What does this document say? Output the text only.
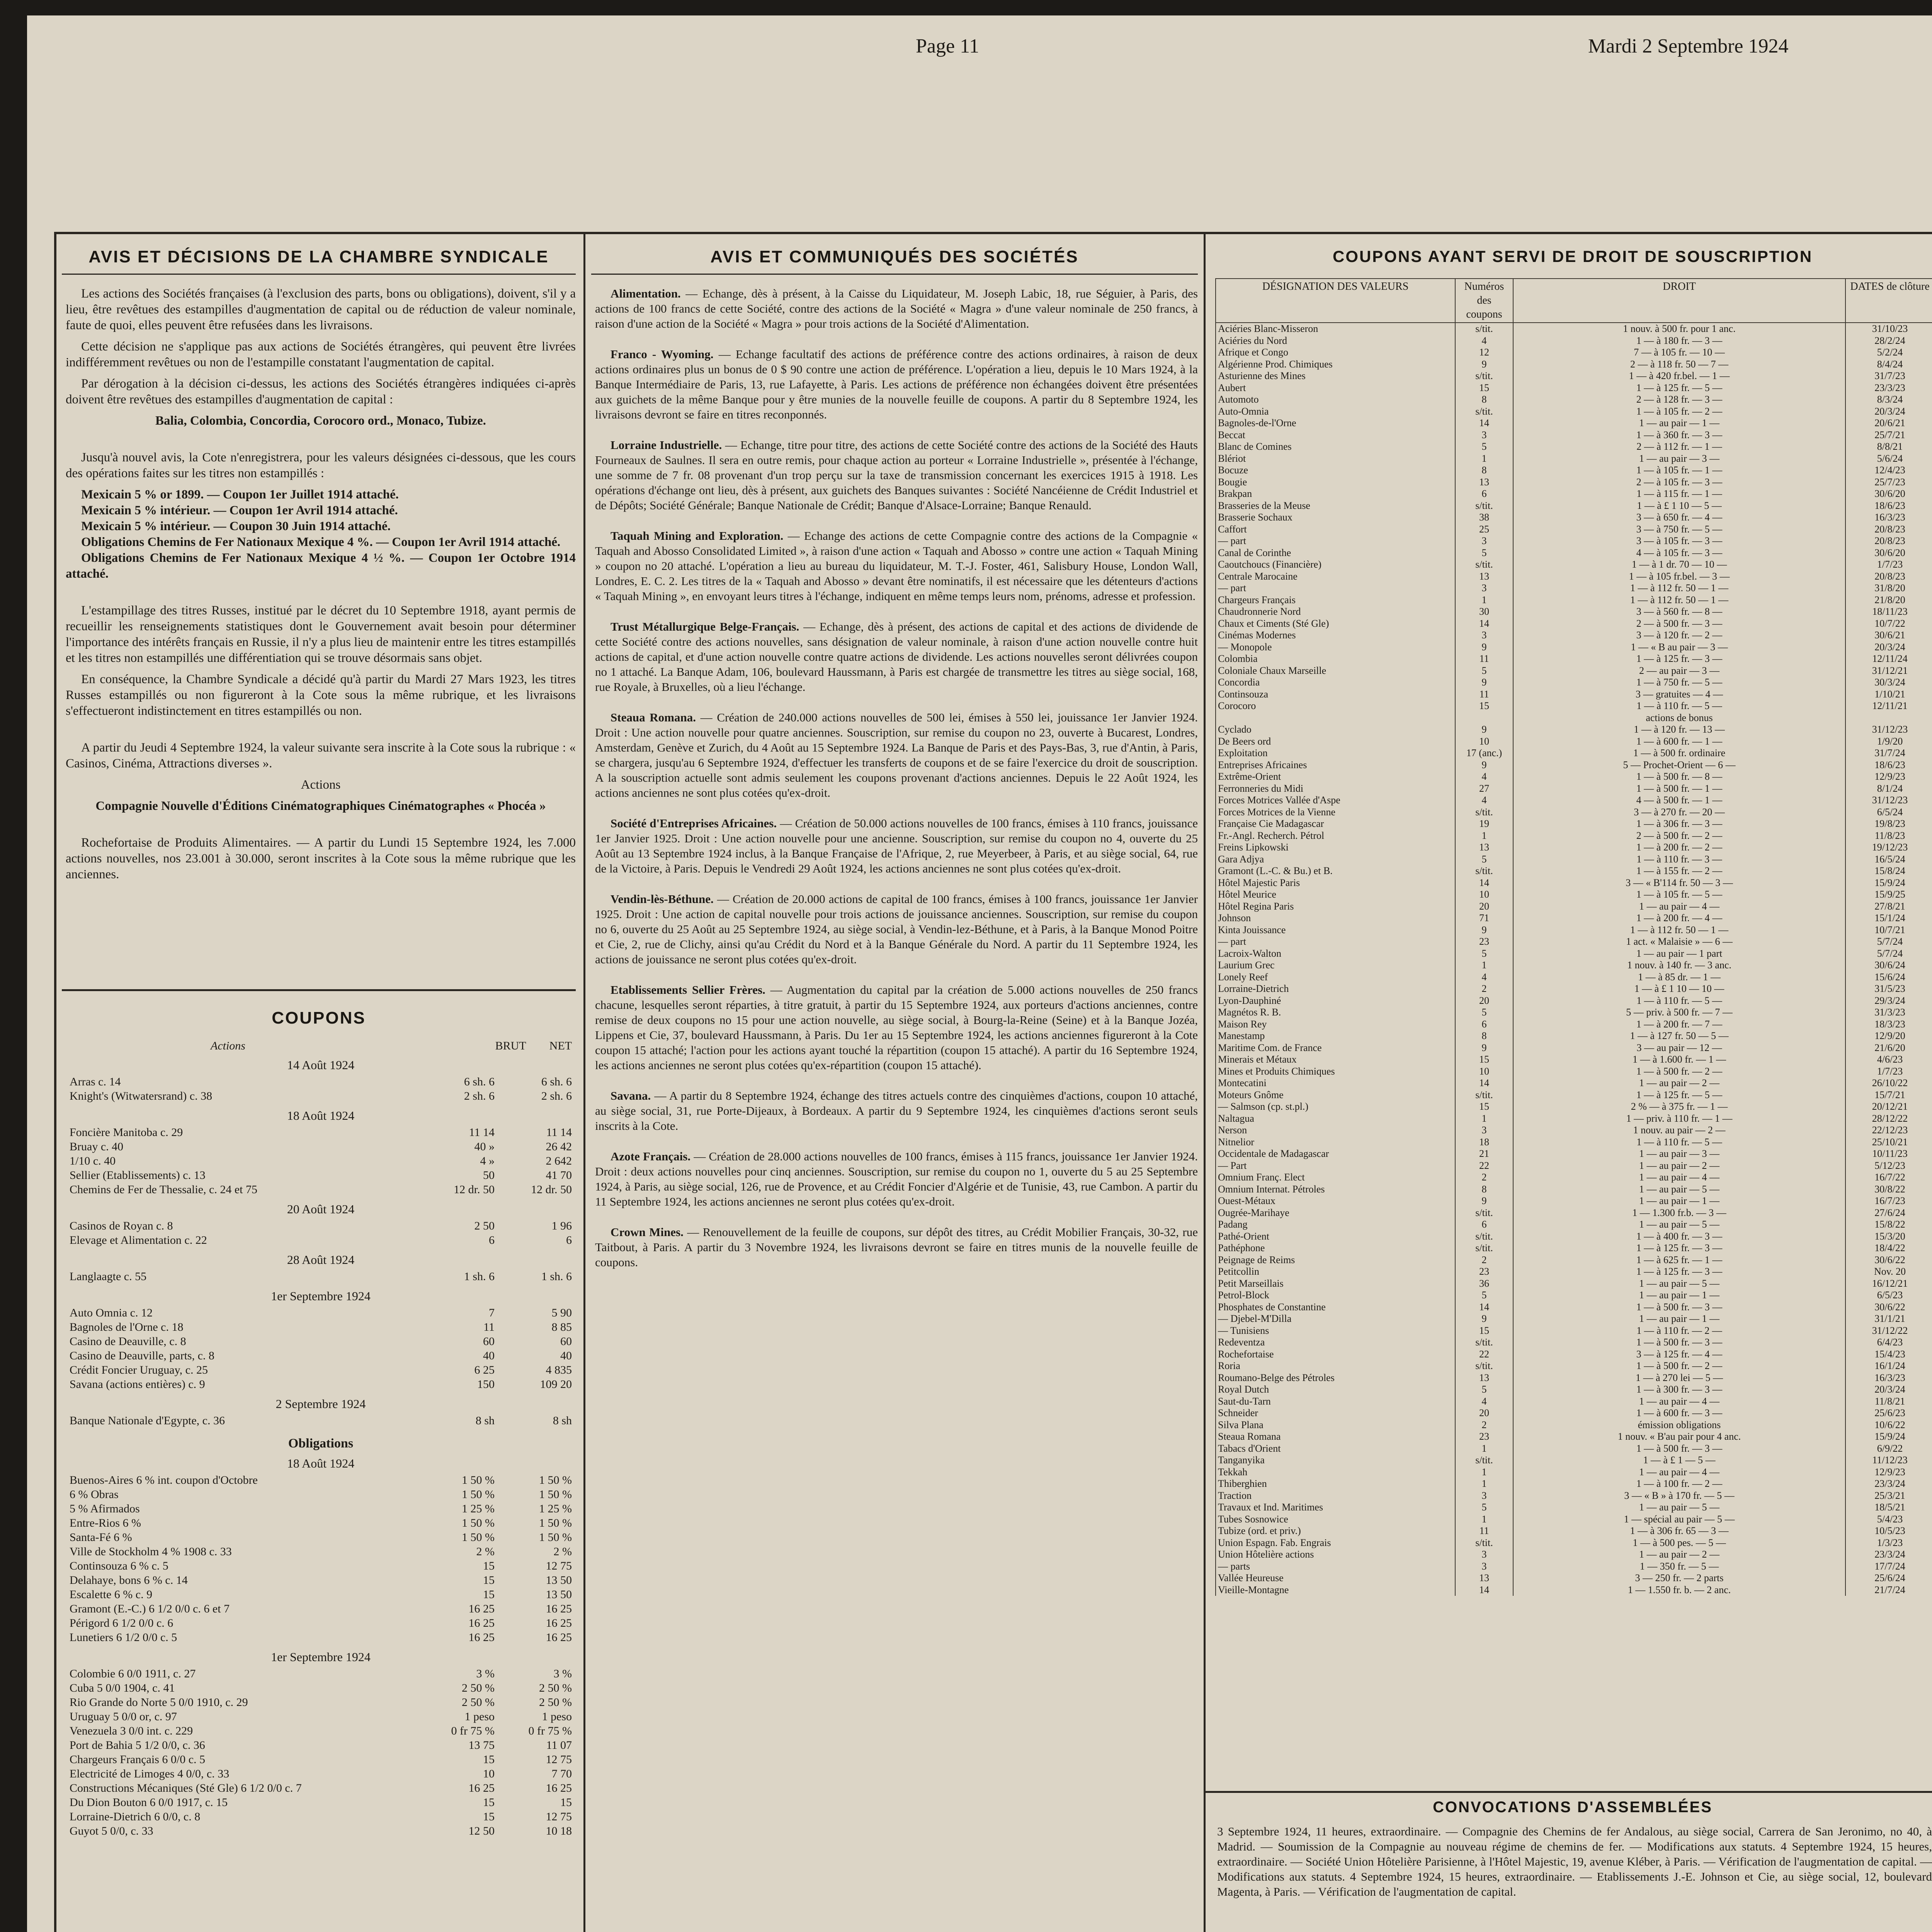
Page 11	Mardi 2 Septembre 1924
AVIS ET DÉCISIONS DE LA CHAMBRE SYNDICALE

Les actions des Sociétés françaises (à l'exclusion des parts, bons ou obligations), doivent, s'il y a lieu, être revêtues des estampilles d'augmentation de capital ou de réduction de valeur nominale, faute de quoi, elles peuvent être refusées dans les livraisons.

Cette décision ne s'applique pas aux actions de Sociétés étrangères, qui peuvent être livrées indifféremment revêtues ou non de l'estampille constatant l'augmentation de capital.

Par dérogation à la décision ci-dessus, les actions des Sociétés étrangères indiquées ci-après doivent être revêtues des estampilles d'augmentation de capital :

Balia, Colombia, Concordia, Corocoro ord., Monaco, Tubize.

Jusqu'à nouvel avis, la Cote n'enregistrera, pour les valeurs désignées ci-dessous, que les cours des opérations faites sur les titres non estampillés :

Mexicain 5 % or 1899. — Coupon 1er Juillet 1914 attaché.

Mexicain 5 % intérieur. — Coupon 1er Avril 1914 attaché.

Mexicain 5 % intérieur. — Coupon 30 Juin 1914 attaché.

Obligations Chemins de Fer Nationaux Mexique 4 %. — Coupon 1er Avril 1914 attaché.

Obligations Chemins de Fer Nationaux Mexique 4 ½ %. — Coupon 1er Octobre 1914 attaché.

L'estampillage des titres Russes, institué par le décret du 10 Septembre 1918, ayant permis de recueillir les renseignements statistiques dont le Gouvernement avait besoin pour déterminer l'importance des intérêts français en Russie, il n'y a plus lieu de maintenir entre les titres estampillés et les titres non estampillés une différentiation qui se trouve désormais sans objet.

En conséquence, la Chambre Syndicale a décidé qu'à partir du Mardi 27 Mars 1923, les titres Russes estampillés ou non figureront à la Cote sous la même rubrique, et les livraisons s'effectueront indistinctement en titres estampillés ou non.

A partir du Jeudi 4 Septembre 1924, la valeur suivante sera inscrite à la Cote sous la rubrique : « Casinos, Cinéma, Attractions diverses ».

Actions

Compagnie Nouvelle d'Éditions Cinématographiques Cinématographes « Phocéa »

Rochefortaise de Produits Alimentaires. — A partir du Lundi 15 Septembre 1924, les 7.000 actions nouvelles, nos 23.001 à 30.000, seront inscrites à la Cote sous la même rubrique que les anciennes.

COUPONS
Actions	BRUT NET
14 Août 1924
Arras c. 14	6 sh. 6	6 sh. 6
Knight's (Witwatersrand) c. 38	2 sh. 6	2 sh. 6
18 Août 1924
Foncière Manitoba c. 29	11 14	11 14
Bruay c. 40	40 »	26 42
1/10 c. 40	4 »	2 642
Sellier (Etablissements) c. 13	50	41 70
Chemins de Fer de Thessalie, c. 24 et 75	12 dr. 50	12 dr. 50
20 Août 1924
Casinos de Royan c. 8	2 50	1 96
Elevage et Alimentation c. 22	6	6
28 Août 1924
Langlaagte c. 55	1 sh. 6	1 sh. 6
1er Septembre 1924
Auto Omnia c. 12	7	5 90
Bagnoles de l'Orne c. 18	11	8 85
Casino de Deauville, c. 8	60	60
Casino de Deauville, parts, c. 8	40	40
Crédit Foncier Uruguay, c. 25	6 25	4 835
Savana (actions entières) c. 9	150	109 20
2 Septembre 1924
Banque Nationale d'Egypte, c. 36	8 sh	8 sh
Obligations
18 Août 1924
Buenos-Aires 6 % int. coupon d'Octobre	1 50 %	1 50 %
6 % Obras	1 50 %	1 50 %
5 % Afirmados	1 25 %	1 25 %
Entre-Rios 6 %	1 50 %	1 50 %
Santa-Fé 6 %	1 50 %	1 50 %
Ville de Stockholm 4 % 1908 c. 33	2 %	2 %
Continsouza 6 % c. 5	15	12 75
Delahaye, bons 6 % c. 14	15	13 50
Escalette 6 % c. 9	15	13 50
Gramont (E.-C.) 6 1/2 0/0 c. 6 et 7	16 25	16 25
Périgord 6 1/2 0/0 c. 6	16 25	16 25
Lunetiers 6 1/2 0/0 c. 5	16 25	16 25
1er Septembre 1924
Colombie 6 0/0 1911, c. 27	3 %	3 %
Cuba 5 0/0 1904, c. 41	2 50 %	2 50 %
Rio Grande do Norte 5 0/0 1910, c. 29	2 50 %	2 50 %
Uruguay 5 0/0 or, c. 97	1 peso	1 peso
Venezuela 3 0/0 int. c. 229	0 fr 75 %	0 fr 75 %
Port de Bahia 5 1/2 0/0, c. 36	13 75	11 07
Chargeurs Français 6 0/0 c. 5	15	12 75
Electricité de Limoges 4 0/0, c. 33	10	7 70
Constructions Mécaniques (Sté Gle) 6 1/2 0/0 c. 7	16 25	16 25
Du Dion Bouton 6 0/0 1917, c. 15	15	15
Lorraine-Dietrich 6 0/0, c. 8	15	12 75
Guyot 5 0/0, c. 33	12 50	10 18
AVIS ET COMMUNIQUÉS DES SOCIÉTÉS

Alimentation. — Echange, dès à présent, à la Caisse du Liquidateur, M. Joseph Labic, 18, rue Séguier, à Paris, des actions de 100 francs de cette Société, contre des actions de la Société « Magra » d'une valeur nominale de 250 francs, à raison d'une action de la Société « Magra » pour trois actions de la Société d'Alimentation.

Franco - Wyoming. — Echange facultatif des actions de préférence contre des actions ordinaires, à raison de deux actions ordinaires plus un bonus de 0 $ 90 contre une action de préférence. L'opération a lieu, depuis le 10 Mars 1924, à la Banque Intermédiaire de Paris, 13, rue Lafayette, à Paris. Les actions de préférence non échangées doivent être présentées aux guichets de la même Banque pour y être munies de la nouvelle feuille de coupons. A partir du 8 Septembre 1924, les livraisons devront se faire en titres reconponnés.

Lorraine Industrielle. — Echange, titre pour titre, des actions de cette Société contre des actions de la Société des Hauts Fourneaux de Saulnes. Il sera en outre remis, pour chaque action au porteur « Lorraine Industrielle », présentée à l'échange, une somme de 7 fr. 08 provenant d'un trop perçu sur la taxe de transmission concernant les exercices 1915 à 1918. Les opérations d'échange ont lieu, dès à présent, aux guichets des Banques suivantes : Société Nancéienne de Crédit Industriel et de Dépôts; Société Générale; Banque Nationale de Crédit; Banque d'Alsace-Lorraine; Banque Renauld.

Taquah Mining and Exploration. — Echange des actions de cette Compagnie contre des actions de la Compagnie « Taquah and Abosso Consolidated Limited », à raison d'une action « Taquah and Abosso » contre une action « Taquah Mining » coupon no 20 attaché. L'opération a lieu au bureau du liquidateur, M. T.-J. Foster, 461, Salisbury House, London Wall, Londres, E. C. 2. Les titres de la « Taquah and Abosso » devant être nominatifs, il est nécessaire que les détenteurs d'actions « Taquah Mining », en envoyant leurs titres à l'échange, indiquent en même temps leurs nom, prénoms, adresse et profession.

Trust Métallurgique Belge-Français. — Echange, dès à présent, des actions de capital et des actions de dividende de cette Société contre des actions nouvelles, sans désignation de valeur nominale, à raison d'une action nouvelle contre huit actions de capital, et d'une action nouvelle contre quatre actions de dividende. Les actions nouvelles seront délivrées coupon no 1 attaché. La Banque Adam, 106, boulevard Haussmann, à Paris est chargée de transmettre les titres au siège social, 168, rue Royale, à Bruxelles, où a lieu l'échange.

Steaua Romana. — Création de 240.000 actions nouvelles de 500 lei, émises à 550 lei, jouissance 1er Janvier 1924. Droit : Une action nouvelle pour quatre anciennes. Souscription, sur remise du coupon no 23, ouverte à Bucarest, Londres, Amsterdam, Genève et Zurich, du 4 Août au 15 Septembre 1924. La Banque de Paris et des Pays-Bas, 3, rue d'Antin, à Paris, se chargera, jusqu'au 6 Septembre 1924, d'effectuer les transferts de coupons et de se faire l'exercice du droit de souscription. A la souscription actuelle sont admis seulement les coupons provenant d'actions anciennes. Depuis le 22 Août 1924, les actions anciennes ne sont plus cotées qu'ex-droit.

Société d'Entreprises Africaines. — Création de 50.000 actions nouvelles de 100 francs, émises à 110 francs, jouissance 1er Janvier 1925. Droit : Une action nouvelle pour une ancienne. Souscription, sur remise du coupon no 4, ouverte du 25 Août au 13 Septembre 1924 inclus, à la Banque Française de l'Afrique, 2, rue Meyerbeer, à Paris, et au siège social, 64, rue de la Victoire, à Paris. Depuis le Vendredi 29 Août 1924, les actions anciennes ne sont plus cotées qu'ex-droit.

Vendin-lès-Béthune. — Création de 20.000 actions de capital de 100 francs, émises à 100 francs, jouissance 1er Janvier 1925. Droit : Une action de capital nouvelle pour trois actions de jouissance anciennes. Souscription, sur remise du coupon no 6, ouverte du 25 Août au 25 Septembre 1924, au siège social, à Vendin-lez-Béthune, et à Paris, à la Banque Monod Poitre et Cie, 2, rue de Clichy, ainsi qu'au Crédit du Nord et à la Banque Générale du Nord. A partir du 11 Septembre 1924, les actions de jouissance ne seront plus cotées qu'ex-droit.

Etablissements Sellier Frères. — Augmentation du capital par la création de 5.000 actions nouvelles de 250 francs chacune, lesquelles seront réparties, à titre gratuit, à partir du 15 Septembre 1924, aux porteurs d'actions anciennes, contre remise de deux coupons no 15 pour une action nouvelle, au siège social, à Bourg-la-Reine (Seine) et à la Banque Jozéa, Lippens et Cie, 37, boulevard Haussmann, à Paris. Du 1er au 15 Septembre 1924, les actions anciennes figureront à la Cote coupon 15 attaché; l'action pour les actions ayant touché la répartition (coupon 15 attaché). A partir du 16 Septembre 1924, les actions anciennes ne seront plus cotées qu'ex-répartition (coupon 15 attaché).

Savana. — A partir du 8 Septembre 1924, échange des titres actuels contre des cinquièmes d'actions, coupon 10 attaché, au siège social, 31, rue Porte-Dijeaux, à Bordeaux. A partir du 9 Septembre 1924, les cinquièmes d'actions seront seuls inscrits à la Cote.

Azote Français. — Création de 28.000 actions nouvelles de 100 francs, émises à 115 francs, jouissance 1er Janvier 1924. Droit : deux actions nouvelles pour cinq anciennes. Souscription, sur remise du coupon no 1, ouverte du 5 au 25 Septembre 1924, à Paris, au siège social, 126, rue de Provence, et au Crédit Foncier d'Algérie et de Tunisie, 43, rue Cambon. A partir du 11 Septembre 1924, les actions anciennes ne seront plus cotées qu'ex-droit.

Crown Mines. — Renouvellement de la feuille de coupons, sur dépôt des titres, au Crédit Mobilier Français, 30-32, rue Taitbout, à Paris. A partir du 3 Novembre 1924, les livraisons devront se faire en titres munis de la nouvelle feuille de coupons.

COUPONS AYANT SERVI DE DROIT DE SOUSCRIPTION
DÉSIGNATION DES VALEURS	Numéros des coupons	DROIT	DATES de clôture
Aciéries Blanc-Misseron	s/tit.	1 nouv. à 500 fr. pour 1 anc.	31/10/23
Aciéries du Nord	4	1 — à 180 fr. — 3 —	28/2/24
Afrique et Congo	12	7 — à 105 fr. — 10 —	5/2/24
Algérienne Prod. Chimiques	9	2 — à 118 fr. 50 — 7 —	8/4/24
Asturienne des Mines	s/tit.	1 — à 420 fr.bel. — 1 —	31/7/23
Aubert	15	1 — à 125 fr. — 5 —	23/3/23
Automoto	8	2 — à 128 fr. — 3 —	8/3/24
Auto-Omnia	s/tit.	1 — à 105 fr. — 2 —	20/3/24
Bagnoles-de-l'Orne	14	1 — au pair — 1 —	20/6/21
Beccat	3	1 — à 360 fr. — 3 —	25/7/21
Blanc de Comines	5	2 — à 112 fr. — 1 —	8/8/21
Blériot	1	1 — au pair — 3 —	5/6/24
Bocuze	8	1 — à 105 fr. — 1 —	12/4/23
Bougie	13	2 — à 105 fr. — 3 —	25/7/23
Brakpan	6	1 — à 115 fr. — 1 —	30/6/20
Brasseries de la Meuse	s/tit.	1 — à £ 1 10 — 5 —	18/6/23
Brasserie Sochaux	38	3 — à 650 fr. — 4 —	16/3/23
Caffort	25	3 — à 750 fr. — 5 —	20/8/23
— part	3	3 — à 105 fr. — 3 —	20/8/23
Canal de Corinthe	5	4 — à 105 fr. — 3 —	30/6/20
Caoutchoucs (Financière)	s/tit.	1 — à 1 dr. 70 — 10 —	1/7/23
Centrale Marocaine	13	1 — à 105 fr.bel. — 3 —	20/8/23
— part	3	1 — à 112 fr. 50 — 1 —	31/8/20
Chargeurs Français	1	1 — à 112 fr. 50 — 1 —	21/8/20
Chaudronnerie Nord	30	3 — à 560 fr. — 8 —	18/11/23
Chaux et Ciments (Sté Gle)	14	2 — à 500 fr. — 3 —	10/7/22
Cinémas Modernes	3	3 — à 120 fr. — 2 —	30/6/21
— Monopole	9	1 — « B au pair — 3 —	20/3/24
Colombia	11	1 — à 125 fr. — 3 —	12/11/24
Coloniale Chaux Marseille	5	2 — au pair — 3 —	31/12/21
Concordia	9	1 — à 750 fr. — 5 —	30/3/24
Continsouza	11	3 — gratuites — 4 —	1/10/21
Corocoro	15	1 — à 110 fr. — 5 —	12/11/21
		actions de bonus	
Cyclado	9	1 — à 120 fr. — 13 —	31/12/23
De Beers ord	10	1 — à 600 fr. — 1 —	1/9/20
Exploitation	17 (anc.)	1 — à 500 fr. ordinaire	31/7/24
Entreprises Africaines	9	5 — Prochet-Orient — 6 —	18/6/23
Extrême-Orient	4	1 — à 500 fr. — 8 —	12/9/23
Ferronneries du Midi	27	1 — à 500 fr. — 1 —	8/1/24
Forces Motrices Vallée d'Aspe	4	4 — à 500 fr. — 1 —	31/12/23
Forces Motrices de la Vienne	s/tit.	3 — à 270 fr. — 20 —	6/5/24
Française Cie Madagascar	19	1 — à 306 fr. — 3 —	19/8/23
Fr.-Angl. Recherch. Pétrol	1	2 — à 500 fr. — 2 —	11/8/23
Freins Lipkowski	13	1 — à 200 fr. — 2 —	19/12/23
Gara Adjya	5	1 — à 110 fr. — 3 —	16/5/24
Gramont (L.-C. & Bu.) et B.	s/tit.	1 — à 155 fr. — 2 —	15/8/24
Hôtel Majestic Paris	14	3 — « B'114 fr. 50 — 3 —	15/9/24
Hôtel Meurice	10	1 — à 105 fr. — 5 —	15/9/25
Hôtel Regina Paris	20	1 — au pair — 4 —	27/8/21
Johnson	71	1 — à 200 fr. — 4 —	15/1/24
Kinta Jouissance	9	1 — à 112 fr. 50 — 1 —	10/7/21
— part	23	1 act. « Malaisie » — 6 —	5/7/24
Lacroix-Walton	5	1 — au pair — 1 part	5/7/24
Laurium Grec	1	1 nouv. à 140 fr. — 3 anc.	30/6/24
Lonely Reef	4	1 — à 85 dr. — 1 —	15/6/24
Lorraine-Dietrich	2	1 — à £ 1 10 — 10 —	31/5/23
Lyon-Dauphiné	20	1 — à 110 fr. — 5 —	29/3/24
Magnétos R. B.	5	5 — priv. à 500 fr. — 7 —	31/3/23
Maison Rey	6	1 — à 200 fr. — 7 —	18/3/23
Manestamp	8	1 — à 127 fr. 50 — 5 —	12/9/20
Maritime Com. de France	9	3 — au pair — 12 —	21/6/20
Minerais et Métaux	15	1 — à 1.600 fr. — 1 —	4/6/23
Mines et Produits Chimiques	10	1 — à 500 fr. — 2 —	1/7/23
Montecatini	14	1 — au pair — 2 —	26/10/22
Moteurs Gnôme	s/tit.	1 — à 125 fr. — 5 —	15/7/21
— Salmson (cp. st.pl.)	15	2 % — à 375 fr. — 1 —	20/12/21
Naltagua	1	1 — priv. à 110 fr. — 1 —	28/12/22
Nerson	3	1 nouv. au pair — 2 —	22/12/23
Nitnelior	18	1 — à 110 fr. — 5 —	25/10/21
Occidentale de Madagascar	21	1 — au pair — 3 —	10/11/23
— Part	22	1 — au pair — 2 —	5/12/23
Omnium Franç. Elect	2	1 — au pair — 4 —	16/7/22
Omnium Internat. Pétroles	8	1 — au pair — 5 —	30/8/22
Ouest-Métaux	9	1 — au pair — 1 —	16/7/23
Ougrée-Marihaye	s/tit.	1 — 1.300 fr.b. — 3 —	27/6/24
Padang	6	1 — au pair — 5 —	15/8/22
Pathé-Orient	s/tit.	1 — à 400 fr. — 3 —	15/3/20
Pathéphone	s/tit.	1 — à 125 fr. — 3 —	18/4/22
Peignage de Reims	2	1 — à 625 fr. — 1 —	30/6/22
Petitcollin	23	1 — à 125 fr. — 3 —	Nov. 20
Petit Marseillais	36	1 — au pair — 5 —	16/12/21
Petrol-Block	5	1 — au pair — 1 —	6/5/23
Phosphates de Constantine	14	1 — à 500 fr. — 3 —	30/6/22
— Djebel-M'Dilla	9	1 — au pair — 1 —	31/1/21
— Tunisiens	15	1 — à 110 fr. — 2 —	31/12/22
Redeventza	s/tit.	1 — à 500 fr. — 3 —	6/4/23
Rochefortaise	22	3 — à 125 fr. — 4 —	15/4/23
Roria	s/tit.	1 — à 500 fr. — 2 —	16/1/24
Roumano-Belge des Pétroles	13	1 — à 270 lei — 5 —	16/3/23
Royal Dutch	5	1 — à 300 fr. — 3 —	20/3/24
Saut-du-Tarn	4	1 — au pair — 4 —	11/8/21
Schneider	20	1 — à 600 fr. — 3 —	25/6/23
Silva Plana	2	émission obligations	10/6/22
Steaua Romana	23	1 nouv. « B'au pair pour 4 anc.	15/9/24
Tabacs d'Orient	1	1 — à 500 fr. — 3 —	6/9/22
Tanganyika	s/tit.	1 — à £ 1 — 5 —	11/12/23
Tekkah	1	1 — au pair — 4 —	12/9/23
Thiberghien	1	1 — à 100 fr. — 2 —	23/3/24
Traction	3	3 — « B » à 170 fr. — 5 —	25/3/21
Travaux et Ind. Maritimes	5	1 — au pair — 5 —	18/5/21
Tubes Sosnowice	1	1 — spécial au pair — 5 —	5/4/23
Tubize (ord. et priv.)	11	1 — à 306 fr. 65 — 3 —	10/5/23
Union Espagn. Fab. Engrais	s/tit.	1 — à 500 pes. — 5 —	1/3/23
Union Hôtelière actions	3	1 — au pair — 2 —	23/3/24
— parts	3	1 — 350 fr. — 5 —	17/7/24
Vallée Heureuse	13	3 — 250 fr. — 2 parts	25/6/24
Vieille-Montagne	14	1 — 1.550 fr. b. — 2 anc.	21/7/24
CONVOCATIONS D'ASSEMBLÉES
3 Septembre 1924, 11 heures, extraordinaire. — Compagnie des Chemins de fer Andalous, au siège social, Carrera de San Jeronimo, no 40, à Madrid. — Soumission de la Compagnie au nouveau régime de chemins de fer. — Modifications aux statuts. 4 Septembre 1924, 15 heures, extraordinaire. — Société Union Hôtelière Parisienne, à l'Hôtel Majestic, 19, avenue Kléber, à Paris. — Vérification de l'augmentation de capital. — Modifications aux statuts. 4 Septembre 1924, 15 heures, extraordinaire. — Etablissements J.-E. Johnson et Cie, au siège social, 12, boulevard Magenta, à Paris. — Vérification de l'augmentation de capital.
